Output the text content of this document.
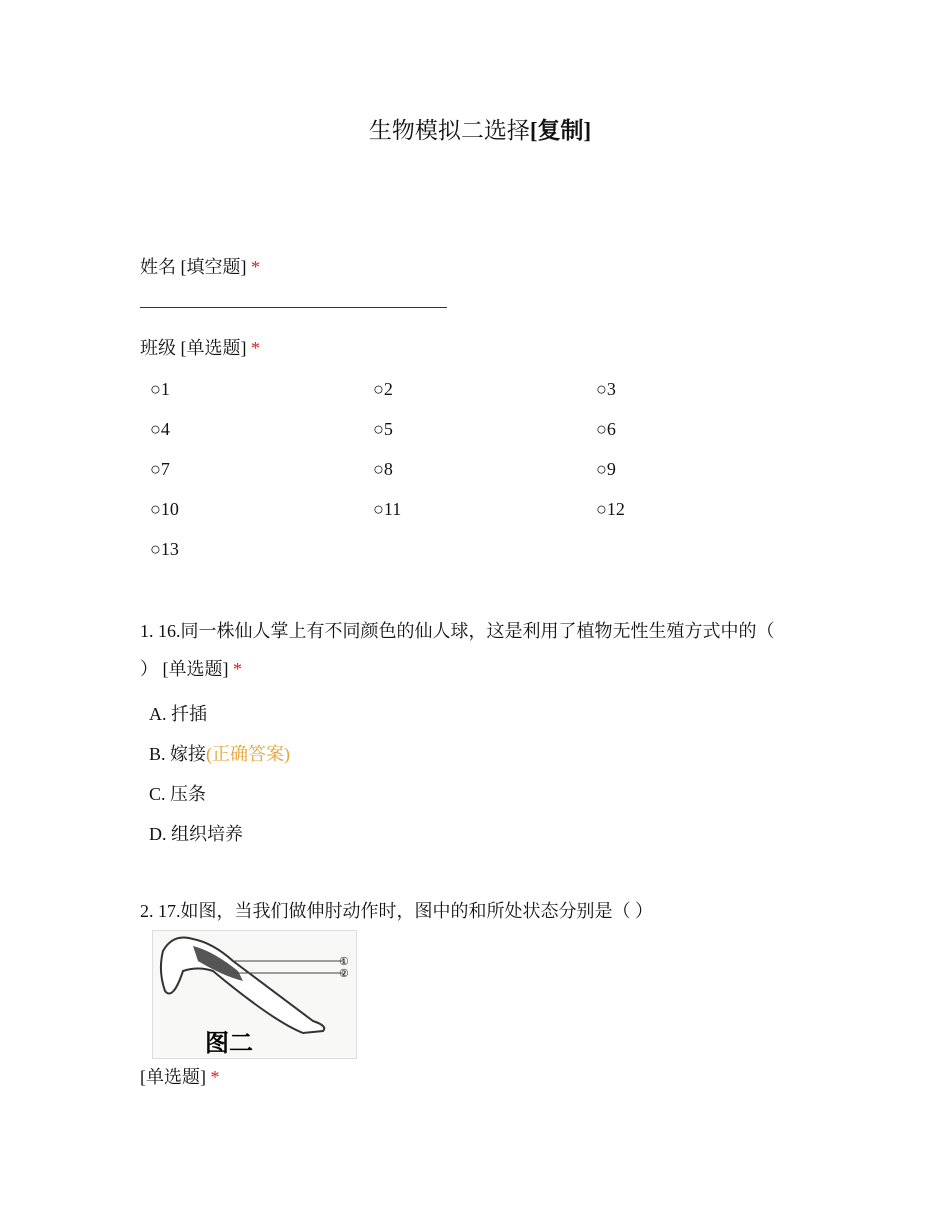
生物模拟二选择[复制]
姓名 [填空题] *
班级 [单选题] *
○1	○2	○3
○4	○5	○6
○7	○8	○9
○10	○11	○12
○13
1. 16.同一株仙人掌上有不同颜色的仙人球，这是利用了植物无性生殖方式中的（
） [单选题] *
A. 扦插
B. 嫁接(正确答案)
C. 压条
D. 组织培养
2. 17.如图，当我们做伸肘动作时，图中的和所处状态分别是（ ）
①
②
图二
[单选题] *
